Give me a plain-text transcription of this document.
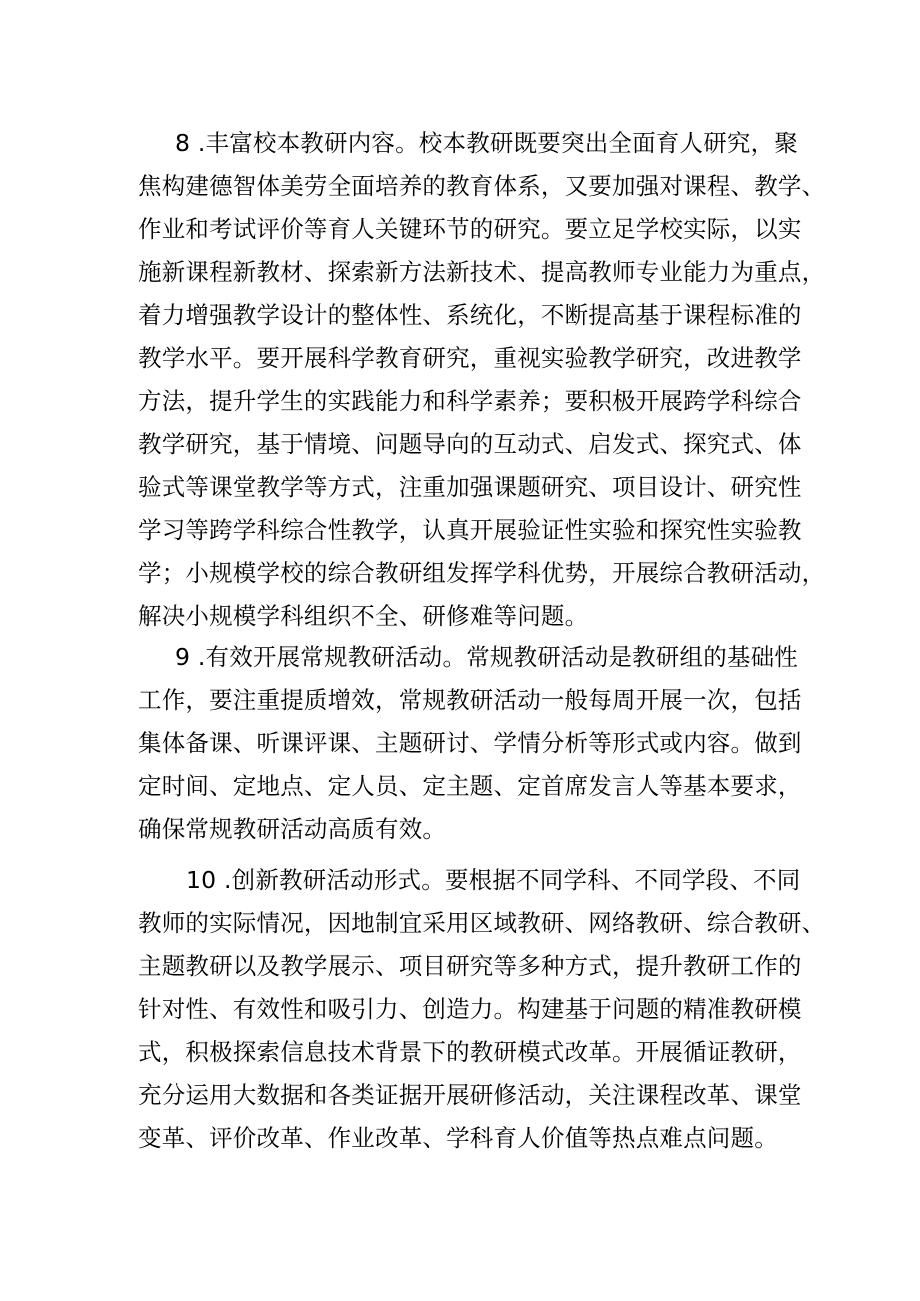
8 .丰富校本教研内容。校本教研既要突出全面育人研究，聚
焦构建德智体美劳全面培养的教育体系，又要加强对课程、教学、
作业和考试评价等育人关键环节的研究。要立足学校实际，以实
施新课程新教材、探索新方法新技术、提高教师专业能力为重点，
着力增强教学设计的整体性、系统化，不断提高基于课程标准的
教学水平。要开展科学教育研究，重视实验教学研究，改进教学
方法，提升学生的实践能力和科学素养；要积极开展跨学科综合
教学研究，基于情境、问题导向的互动式、启发式、探究式、体
验式等课堂教学等方式，注重加强课题研究、项目设计、研究性
学习等跨学科综合性教学，认真开展验证性实验和探究性实验教
学；小规模学校的综合教研组发挥学科优势，开展综合教研活动，
解决小规模学科组织不全、研修难等问题。
9 .有效开展常规教研活动。常规教研活动是教研组的基础性
工作，要注重提质增效，常规教研活动一般每周开展一次，包括
集体备课、听课评课、主题研讨、学情分析等形式或内容。做到
定时间、定地点、定人员、定主题、定首席发言人等基本要求，
确保常规教研活动高质有效。
10 .创新教研活动形式。要根据不同学科、不同学段、不同
教师的实际情况，因地制宜采用区域教研、网络教研、综合教研、
主题教研以及教学展示、项目研究等多种方式，提升教研工作的
针对性、有效性和吸引力、创造力。构建基于问题的精准教研模
式，积极探索信息技术背景下的教研模式改革。开展循证教研，
充分运用大数据和各类证据开展研修活动，关注课程改革、课堂
变革、评价改革、作业改革、学科育人价值等热点难点问题。
